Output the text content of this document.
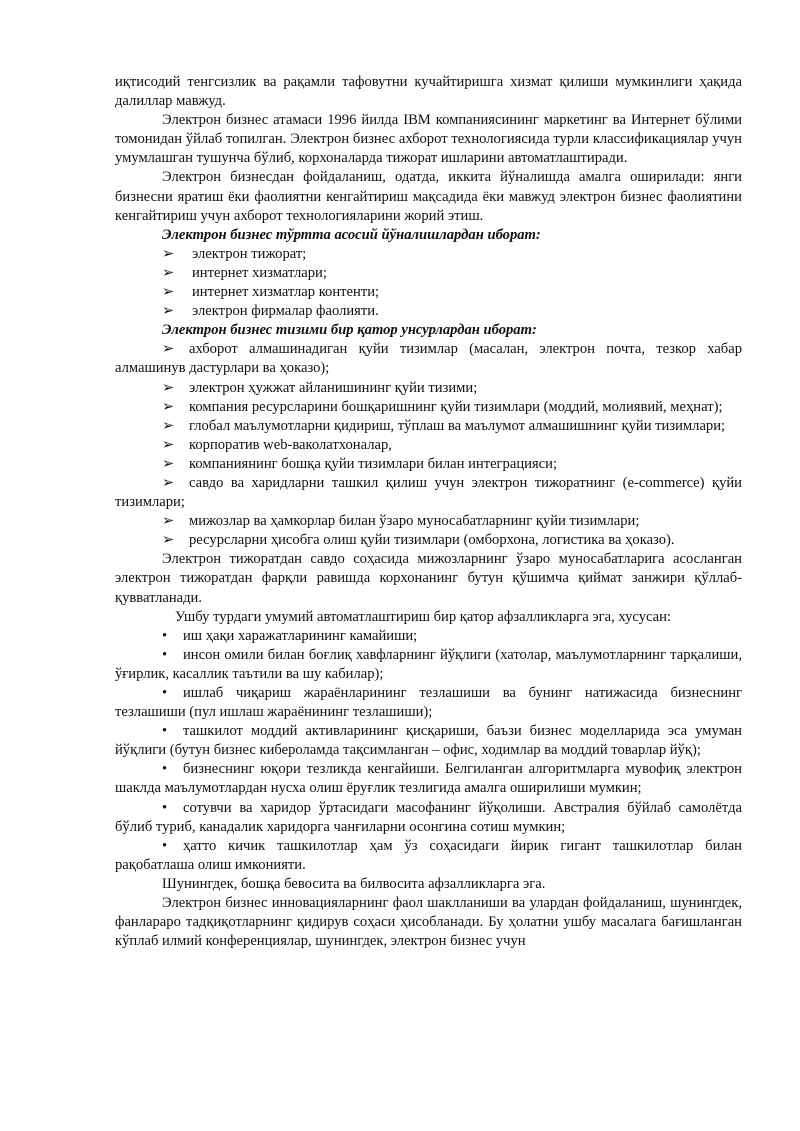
иқтисодий тенгсизлик ва рақамли тафовутни кучайтиришга хизмат қилиши мумкинлиги ҳақида далиллар мавжуд.

Электрон бизнес атамаси 1996 йилда IBM компаниясининг маркетинг ва Интернет бўлими томонидан ўйлаб топилган. Электрон бизнес ахборот технологиясида турли классификациялар учун умумлашган тушунча бўлиб, корхоналарда тижорат ишларини автоматлаштиради.

Электрон бизнесдан фойдаланиш, одатда, иккита йўналишда амалга оширилади: янги бизнесни яратиш ёки фаолиятни кенгайтириш мақсадида ёки мавжуд электрон бизнес фаолиятини кенгайтириш учун ахборот технологияларини жорий этиш.

Электрон бизнес тўртта асосий йўналишлардан иборат:

➢ электрон тижорат;

➢ интернет хизматлари;

➢ интернет хизматлар контенти;

➢ электрон фирмалар фаолияти.

Электрон бизнес тизими бир қатор унсурлардан иборат:

➢ ахборот алмашинадиган қуйи тизимлар (масалан, электрон почта, тезкор хабар алмашинув дастурлари ва ҳоказо);

➢ электрон ҳужжат айланишининг қуйи тизими;

➢ компания ресурсларини бошқаришнинг қуйи тизимлари (моддий, молиявий, меҳнат);

➢ глобал маълумотларни қидириш, тўплаш ва маълумот алмашишнинг қуйи тизимлари;

➢ корпоратив web-ваколатхоналар,

➢ компаниянинг бошқа қуйи тизимлари билан интеграцияси;

➢ савдо ва харидларни ташкил қилиш учун электрон тижоратнинг (e-commerce) қуйи тизимлари;

➢ мижозлар ва ҳамкорлар билан ўзаро муносабатларнинг қуйи тизимлари;

➢ ресурсларни ҳисобга олиш қуйи тизимлари (омборхона, логистика ва ҳоказо).

Электрон тижоратдан савдо соҳасида мижозларнинг ўзаро муносабатларига асосланган электрон тижоратдан фарқли равишда корхонанинг бутун қўшимча қиймат занжири қўллаб-қувватланади.

Ушбу турдаги умумий автоматлаштириш бир қатор афзалликларга эга, хусусан:

• иш ҳақи харажатларининг камайиши;

• инсон омили билан боғлиқ хавфларнинг йўқлиги (хатолар, маълумотларнинг тарқалиши, ўғирлик, касаллик таътили ва шу кабилар);

• ишлаб чиқариш жараёнларининг тезлашиши ва бунинг натижасида бизнеснинг тезлашиши (пул ишлаш жараёнининг тезлашиши);

• ташкилот моддий активларининг қисқариши, баъзи бизнес моделларида эса умуман йўқлиги (бутун бизнес кибероламда тақсимланган – офис, ходимлар ва моддий товарлар йўқ);

• бизнеснинг юқори тезликда кенгайиши. Белгиланган алгоритмларга мувофиқ электрон шаклда маълумотлардан нусха олиш ёруғлик тезлигида амалга оширилиши мумкин;

• сотувчи ва харидор ўртасидаги масофанинг йўқолиши. Австралия бўйлаб самолётда бўлиб туриб, канадалик харидорга чанғиларни осонгина сотиш мумкин;

• ҳатто кичик ташкилотлар ҳам ўз соҳасидаги йирик гигант ташкилотлар билан рақобатлаша олиш имконияти.

Шунингдек, бошқа бевосита ва билвосита афзалликларга эга.

Электрон бизнес инновацияларнинг фаол шаклланиши ва улардан фойдаланиш, шунингдек, фанлараро тадқиқотларнинг қидирув соҳаси ҳисобланади. Бу ҳолатни ушбу масалага бағишланган кўплаб илмий конференциялар, шунингдек, электрон бизнес учун
